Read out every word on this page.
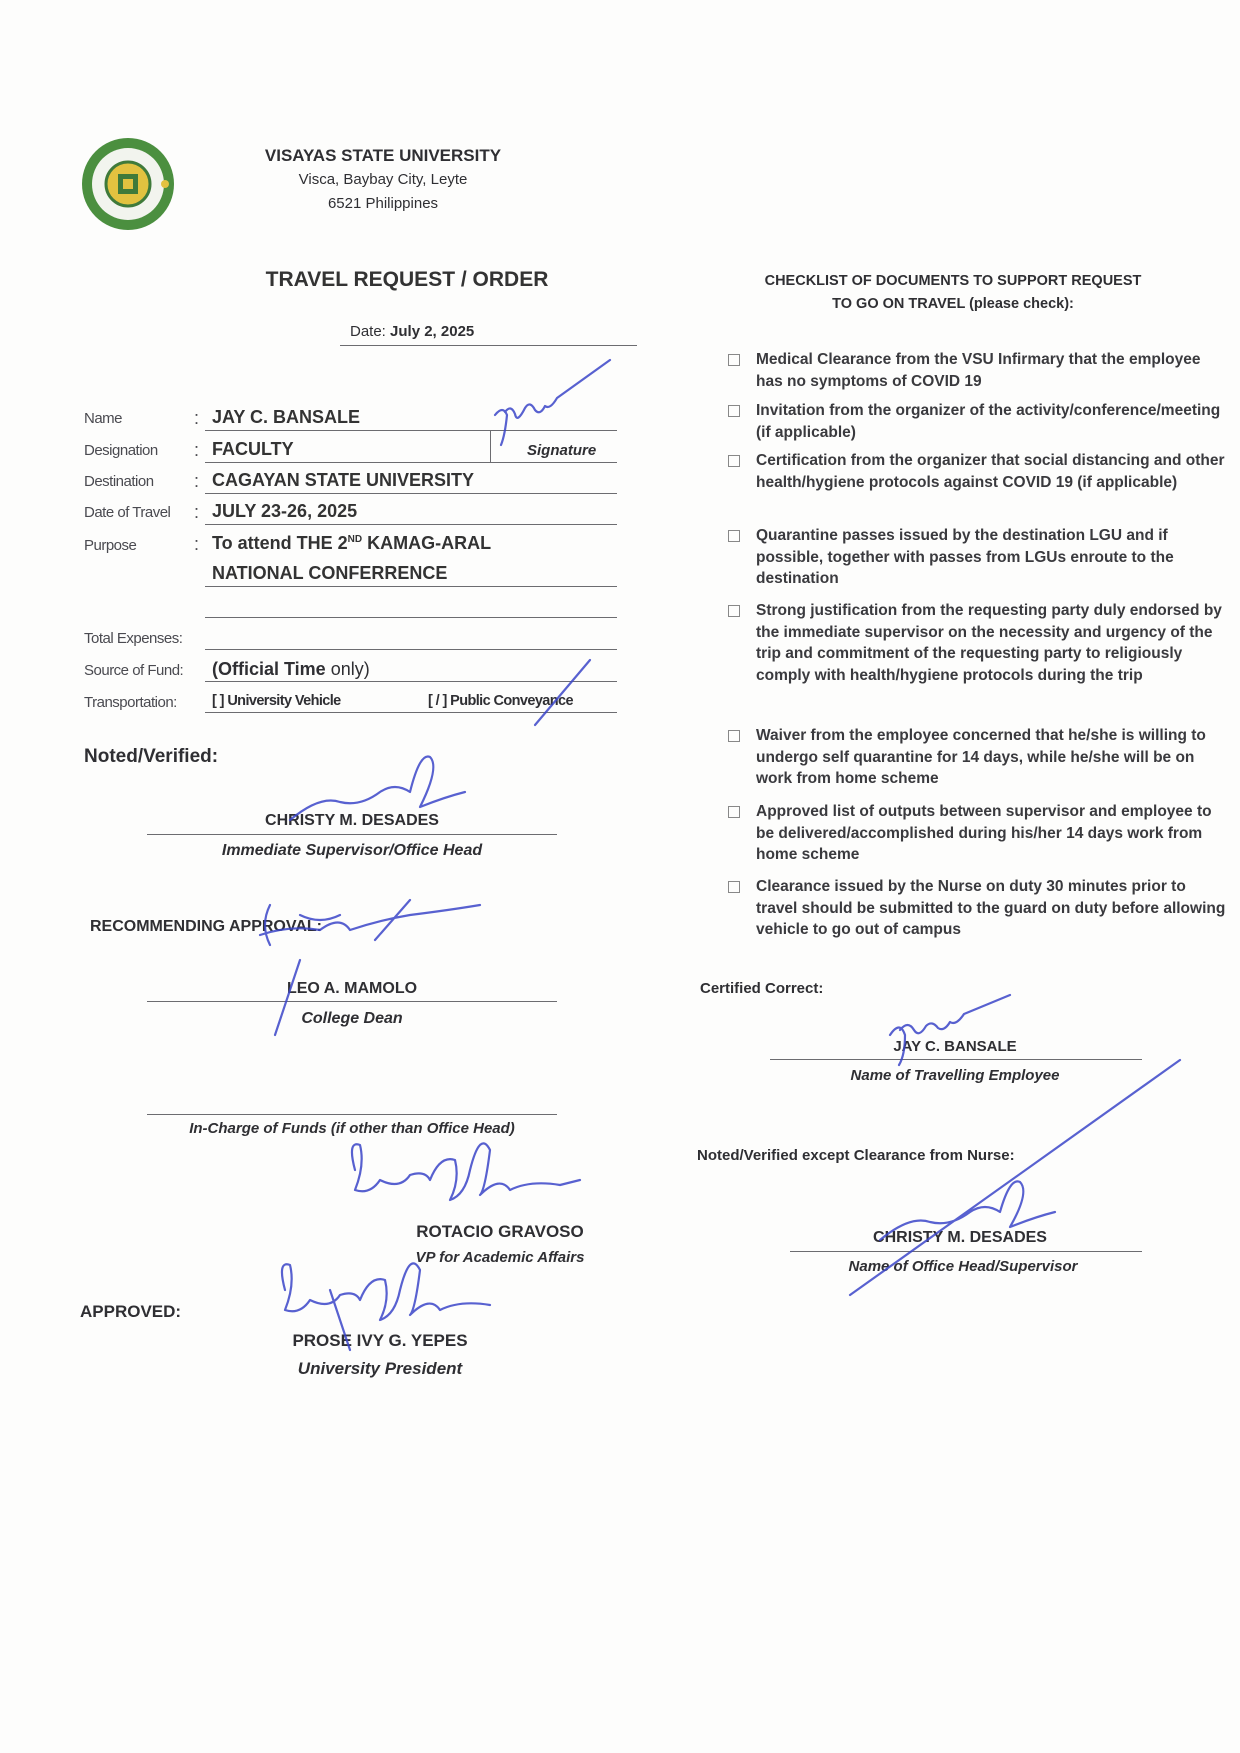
VISAYAS STATE UNIVERSITY
Visca, Baybay City, Leyte
6521 Philippines
TRAVEL REQUEST / ORDER
Date: July 2, 2025
Name	: JAY C. BANSALE
Designation : FACULTY	Signature
Destination : CAGAYAN STATE UNIVERSITY
Date of Travel : JULY 23-26, 2025
Purpose	: To attend THE 2ND KAMAG-ARAL
NATIONAL CONFERRENCE
Total Expenses:
Source of Fund: (Official Time only)
Transportation: [ ] University Vehicle	[ / ] Public Conveyance
Noted/Verified:
CHRISTY M. DESADES
Immediate Supervisor/Office Head
RECOMMENDING APPROVAL:
LEO A. MAMOLO
College Dean
In-Charge of Funds (if other than Office Head)
ROTACIO GRAVOSO
VP for Academic Affairs
APPROVED:
PROSE IVY G. YEPES
University President
CHECKLIST OF DOCUMENTS TO SUPPORT REQUEST
TO GO ON TRAVEL (please check):
Medical Clearance from the VSU Infirmary that the employee has no symptoms of COVID 19
Invitation from the organizer of the activity/conference/meeting (if applicable)
Certification from the organizer that social distancing and other health/hygiene protocols against COVID 19 (if applicable)
Quarantine passes issued by the destination LGU and if possible, together with passes from LGUs enroute to the destination
Strong justification from the requesting party duly endorsed by the immediate supervisor on the necessity and urgency of the trip and commitment of the requesting party to religiously comply with health/hygiene protocols during the trip
Waiver from the employee concerned that he/she is willing to undergo self quarantine for 14 days, while he/she will be on work from home scheme
Approved list of outputs between supervisor and employee to be delivered/accomplished during his/her 14 days work from home scheme
Clearance issued by the Nurse on duty 30 minutes prior to travel should be submitted to the guard on duty before allowing vehicle to go out of campus
Certified Correct:
JAY C. BANSALE
Name of Travelling Employee
Noted/Verified except Clearance from Nurse:
CHRISTY M. DESADES
Name of Office Head/Supervisor
